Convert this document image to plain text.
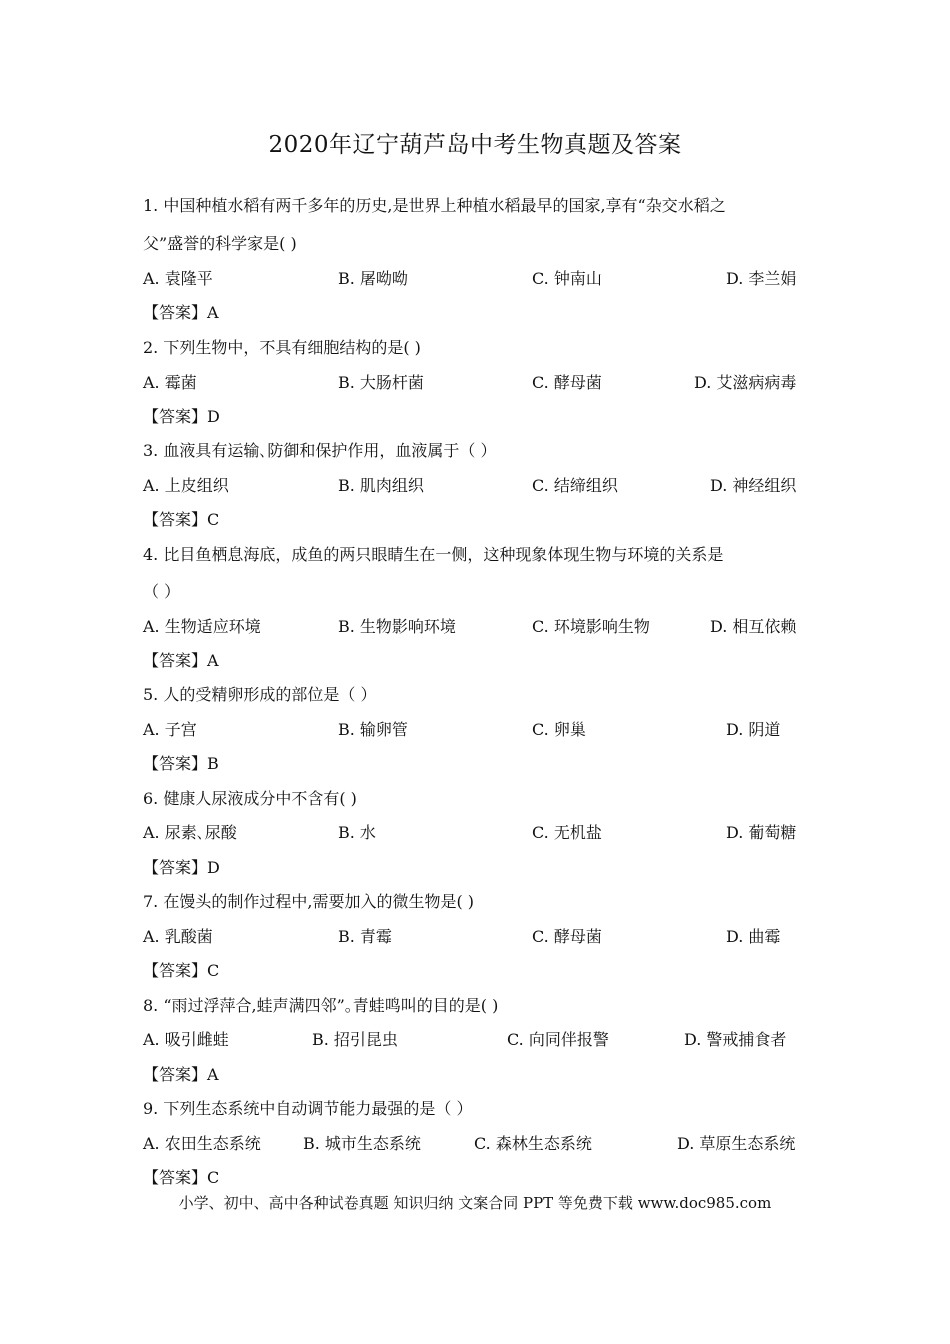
2020年辽宁葫芦岛中考生物真题及答案
1. 中国种植水稻有两千多年的历史,是世界上种植水稻最早的国家,享有“杂交水稻之
父”盛誉的科学家是( )
A. 袁隆平	B. 屠呦呦	C. 钟南山	D. 李兰娟
【答案】A
2. 下列生物中，不具有细胞结构的是( )
A. 霉菌	B. 大肠杆菌	C. 酵母菌	D. 艾滋病病毒
【答案】D
3. 血液具有运输､防御和保护作用，血液属于（ ）
A. 上皮组织	B. 肌肉组织	C. 结缔组织	D. 神经组织
【答案】C
4. 比目鱼栖息海底，成鱼的两只眼睛生在一侧，这种现象体现生物与环境的关系是
（ ）
A. 生物适应环境	B. 生物影响环境	C. 环境影响生物	D. 相互依赖
【答案】A
5. 人的受精卵形成的部位是（ ）
A. 子宫	B. 输卵管	C. 卵巢	D. 阴道
【答案】B
6. 健康人尿液成分中不含有( )
A. 尿素､尿酸	B. 水	C. 无机盐	D. 葡萄糖
【答案】D
7. 在馒头的制作过程中,需要加入的微生物是( )
A. 乳酸菌	B. 青霉	C. 酵母菌	D. 曲霉
【答案】C
8. “雨过浮萍合,蛙声满四邻”｡青蛙鸣叫的目的是( )
A. 吸引雌蛙	B. 招引昆虫	C. 向同伴报警	D. 警戒捕食者
【答案】A
9. 下列生态系统中自动调节能力最强的是（ ）
A. 农田生态系统	B. 城市生态系统	C. 森林生态系统	D. 草原生态系统
【答案】C
小学、初中、高中各种试卷真题 知识归纳 文案合同 PPT 等免费下载 www.doc985.com
